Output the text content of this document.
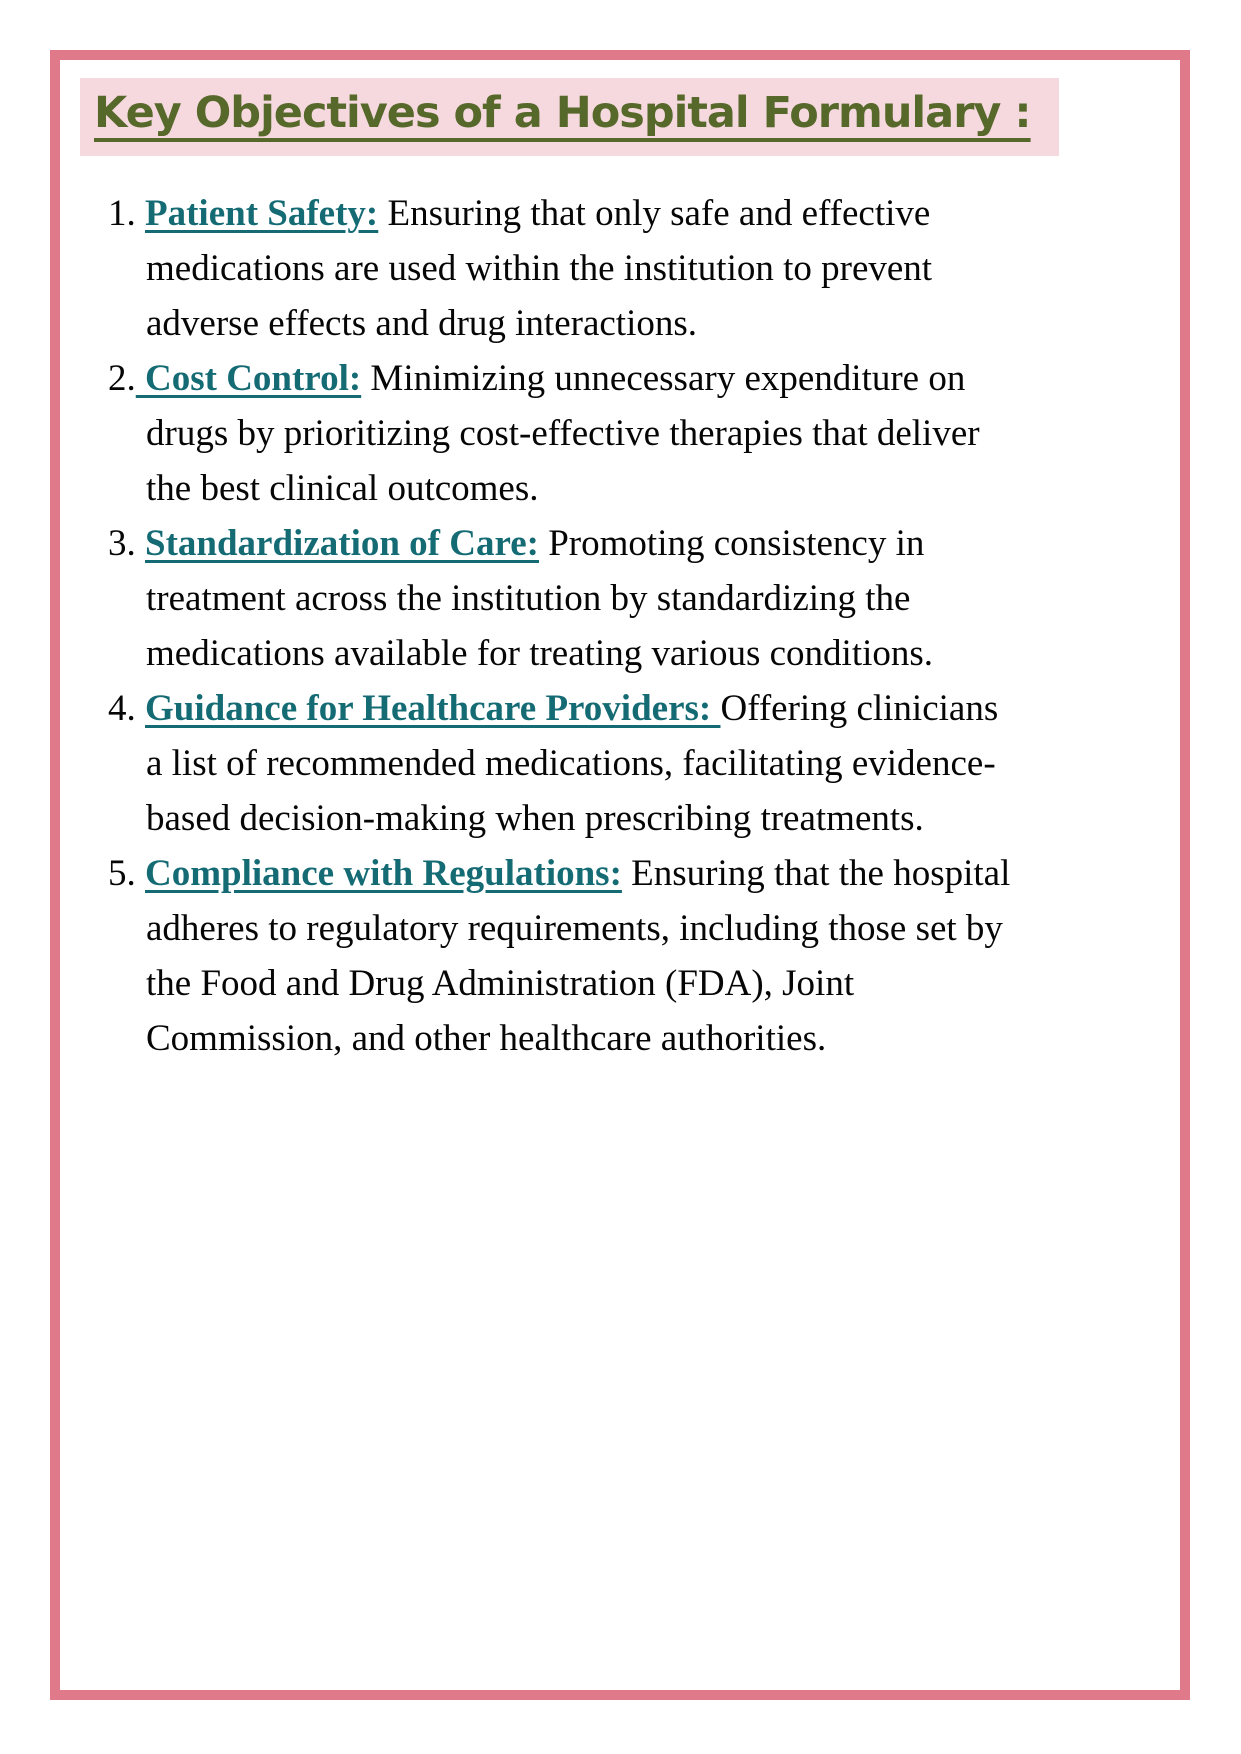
Key Objectives of a Hospital Formulary :
1. Patient Safety: Ensuring that only safe and effective medications are used within the institution to prevent adverse effects and drug interactions.
2. Cost Control: Minimizing unnecessary expenditure on drugs by prioritizing cost-effective therapies that deliver the best clinical outcomes.
3. Standardization of Care: Promoting consistency in treatment across the institution by standardizing the medications available for treating various conditions.
4. Guidance for Healthcare Providers: Offering clinicians a list of recommended medications, facilitating evidence-based decision-making when prescribing treatments.
5. Compliance with Regulations: Ensuring that the hospital adheres to regulatory requirements, including those set by the Food and Drug Administration (FDA), Joint Commission, and other healthcare authorities.
